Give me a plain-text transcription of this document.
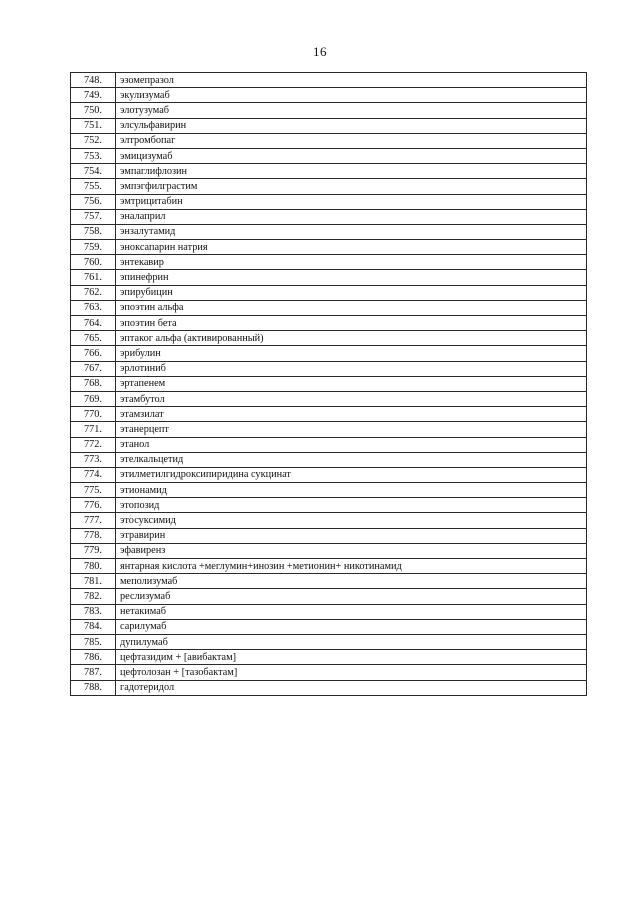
16
748.	эзомепразол
749.	экулизумаб
750.	элотузумаб
751.	элсульфавирин
752.	элтромбопаг
753.	эмицизумаб
754.	эмпаглифлозин
755.	эмпэгфилграстим
756.	эмтрицитабин
757.	эналаприл
758.	энзалутамид
759.	эноксапарин натрия
760.	энтекавир
761.	эпинефрин
762.	эпирубицин
763.	эпоэтин альфа
764.	эпоэтин бета
765.	эптаког альфа (активированный)
766.	эрибулин
767.	эрлотиниб
768.	эртапенем
769.	этамбутол
770.	этамзилат
771.	этанерцепт
772.	этанол
773.	этелкальцетид
774.	этилметилгидроксипиридина сукцинат
775.	этионамид
776.	этопозид
777.	этосуксимид
778.	этравирин
779.	эфавиренз
780.	янтарная кислота +меглумин+инозин +метионин+ никотинамид
781.	меполизумаб
782.	реслизумаб
783.	нетакимаб
784.	сарилумаб
785.	дупилумаб
786.	цефтазидим + [авибактам]
787.	цефтолозан + [тазобактам]
788.	гадотеридол
